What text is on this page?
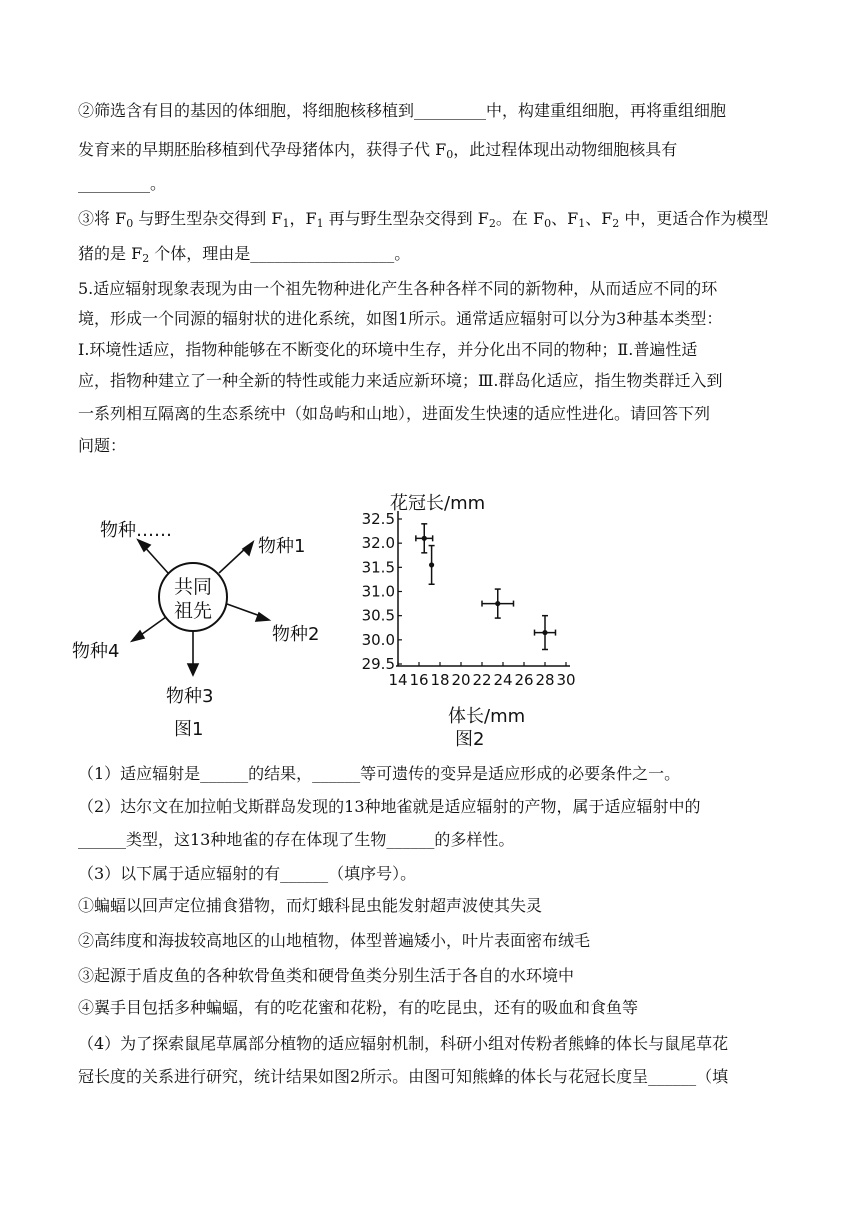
②筛选含有目的基因的体细胞，将细胞核移植到_________中，构建重组细胞，再将重组细胞
发育来的早期胚胎移植到代孕母猪体内，获得子代 $F_0$，此过程体现出动物细胞核具有
_________。
③将 $F_0$ 与野生型杂交得到 $F_1$，$F_1$ 再与野生型杂交得到 $F_2$。在 $F_0$、$F_1$、$F_2$ 中，更适合作为模型
猪的是 $F_2$ 个体，理由是__________________。
5.适应辐射现象表现为由一个祖先物种进化产生各种各样不同的新物种，从而适应不同的环
境，形成一个同源的辐射状的进化系统，如图1所示。通常适应辐射可以分为3种基本类型：
Ⅰ.环境性适应，指物种能够在不断变化的环境中生存，并分化出不同的物种；Ⅱ.普遍性适
应，指物种建立了一种全新的特性或能力来适应新环境；Ⅲ.群岛化适应，指生物类群迁入到
一系列相互隔离的生态系统中（如岛屿和山地），进面发生快速的适应性进化。请回答下列
问题：
（1）适应辐射是______的结果，______等可遗传的变异是适应形成的必要条件之一。
（2）达尔文在加拉帕戈斯群岛发现的13种地雀就是适应辐射的产物，属于适应辐射中的
______类型，这13种地雀的存在体现了生物______的多样性。
（3）以下属于适应辐射的有______（填序号）。
①蝙蝠以回声定位捕食猎物，而灯蛾科昆虫能发射超声波使其失灵
②高纬度和海拔较高地区的山地植物，体型普遍矮小，叶片表面密布绒毛
③起源于盾皮鱼的各种软骨鱼类和硬骨鱼类分别生活于各自的水环境中
④翼手目包括多种蝙蝠，有的吃花蜜和花粉，有的吃昆虫，还有的吸血和食鱼等
（4）为了探索鼠尾草属部分植物的适应辐射机制，科研小组对传粉者熊蜂的体长与鼠尾草花
冠长度的关系进行研究，统计结果如图2所示。由图可知熊蜂的体长与花冠长度呈______（填
共同
祖先
物种……
物种1
物种2
物种3
物种4
图1
29.5
30.0
30.5
31.0
31.5
32.0
32.5
14 16 18 20 22 24 26 28 30
花冠长/mm
体长/mm
图2
